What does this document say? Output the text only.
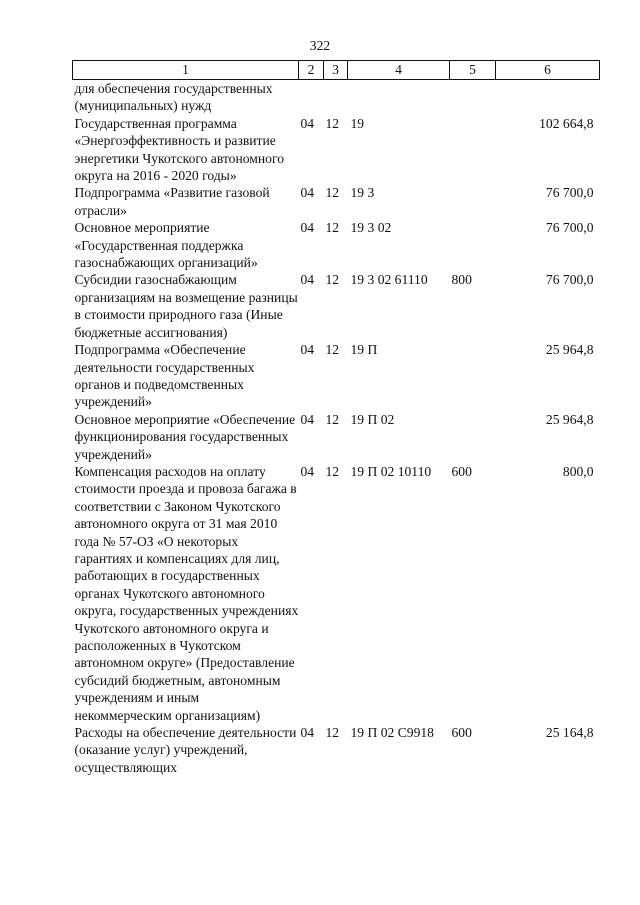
322
1	2	3	4	5	6
для обеспечения государственных (муниципальных) нужд					
Государственная программа «Энергоэффективность и развитие энергетики Чукотского автономного округа на 2016 - 2020 годы»	04	12	19		102 664,8
Подпрограмма «Развитие газовой отрасли»	04	12	19 3		76 700,0
Основное мероприятие «Государственная поддержка газоснабжающих организаций»	04	12	19 3 02		76 700,0
Субсидии газоснабжающим организациям на возмещение разницы в стоимости природного газа (Иные бюджетные ассигнования)	04	12	19 3 02 61110	800	76 700,0
Подпрограмма «Обеспечение деятельности государственных органов и подведомственных учреждений»	04	12	19 П		25 964,8
Основное мероприятие «Обеспечение функционирования государственных учреждений»	04	12	19 П 02		25 964,8
Компенсация расходов на оплату стоимости проезда и провоза багажа в соответствии с Законом Чукотского автономного округа от 31 мая 2010 года № 57-ОЗ «О некоторых гарантиях и компенсациях для лиц, работающих в государственных органах Чукотского автономного округа, государственных учреждениях Чукотского автономного округа и расположенных в Чукотском автономном округе» (Предоставление субсидий бюджетным, автономным учреждениям и иным некоммерческим организациям)	04	12	19 П 02 10110	600	800,0
Расходы на обеспечение деятельности (оказание услуг) учреждений, осуществляющих	04	12	19 П 02 С9918	600	25 164,8
